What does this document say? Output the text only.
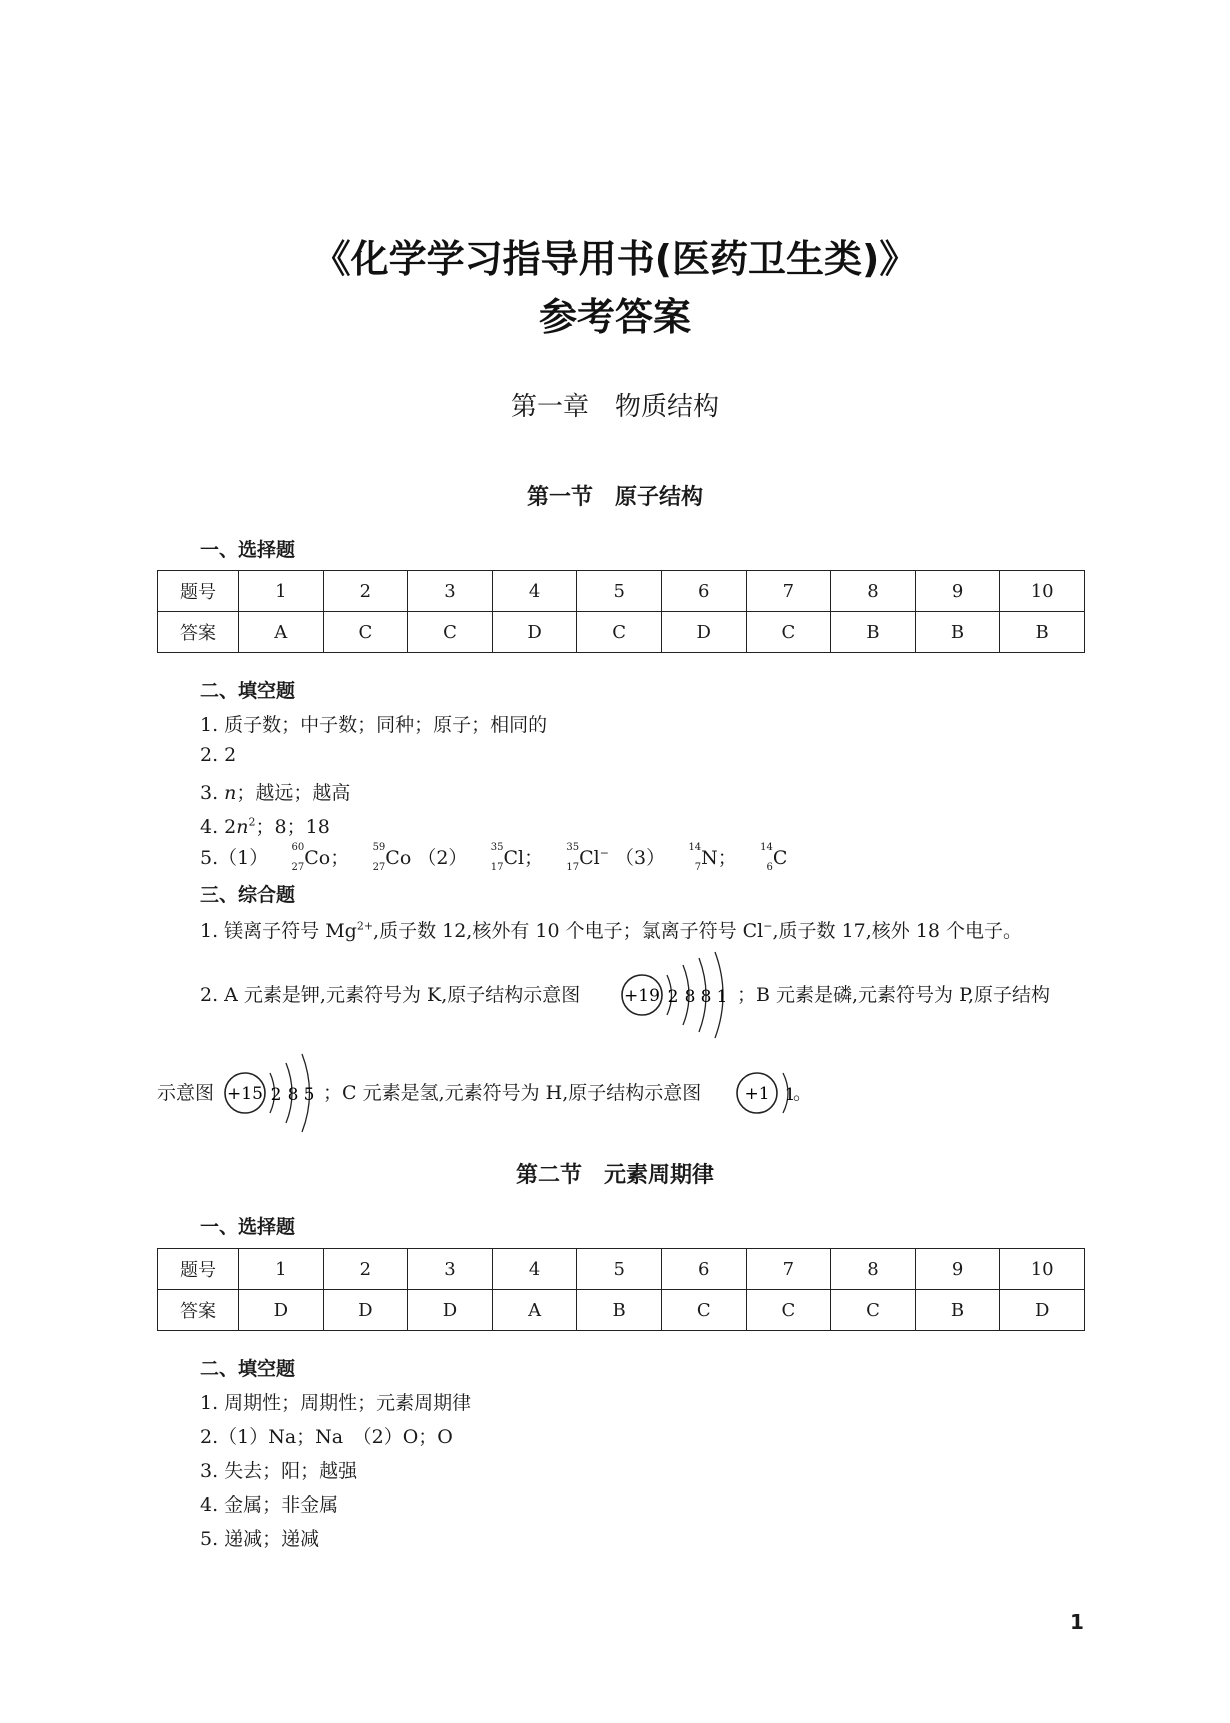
《化学学习指导用书(医药卫生类)》
参考答案
第一章　物质结构
第一节　原子结构
一、选择题
题号	1	2	3	4	5	6	7	8	9	10
答案	A	C	C	D	C	D	C	B	B	B
二、填空题
1. 质子数；中子数；同种；原子；相同的
2. 2
3. n；越远；越高
4. $2n^2$；8；18
5.（1） 60
27 Co； 59
27 Co （2） 35
17 Cl； 35
17 Cl− （3） 14
7 N； 14
6 C
三、综合题
1. 镁离子符号 $Mg^{2+}$,质子数 12,核外有 10 个电子；氯离子符号 Cl−,质子数 17,核外 18 个电子。
2. A 元素是钾,元素符号为 K,原子结构示意图	+19 2 8 8 1 ；B 元素是磷,元素符号为 P,原子结构
示意图 +15 2 8 5 ；C 元素是氢,元素符号为 H,原子结构示意图	+1 1
。
第二节　元素周期律
一、选择题
题号	1	2	3	4	5	6	7	8	9	10
答案	D	D	D	A	B	C	C	C	B	D
二、填空题
1. 周期性；周期性；元素周期律
2.（1）Na；Na　（2）O；O
3. 失去；阳；越强
4. 金属；非金属
5. 递减；递减
1
